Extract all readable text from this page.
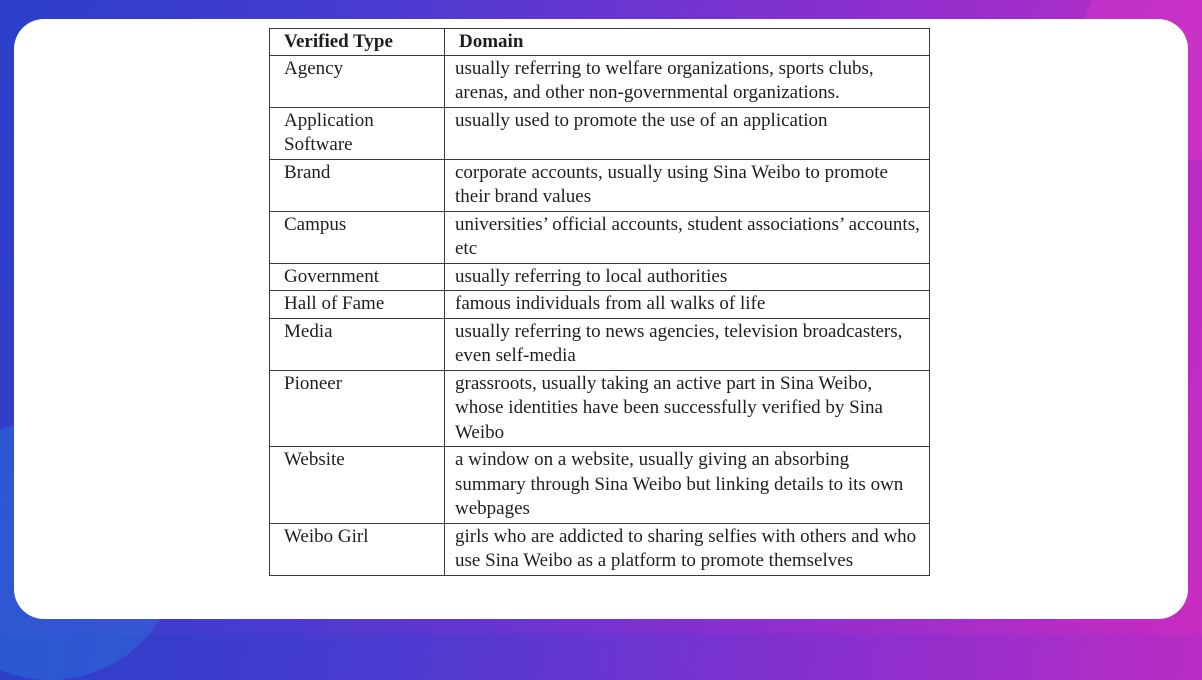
Verified Type	Domain
Agency	usually referring to welfare organizations, sports clubs, arenas, and other non-governmental organizations.
Application Software	usually used to promote the use of an application
Brand	corporate accounts, usually using Sina Weibo to promote their brand values
Campus	universities’ official accounts, student associations’ accounts, etc
Government	usually referring to local authorities
Hall of Fame	famous individuals from all walks of life
Media	usually referring to news agencies, television broadcasters, even self-media
Pioneer	grassroots, usually taking an active part in Sina Weibo, whose identities have been successfully verified by Sina Weibo
Website	a window on a website, usually giving an absorbing summary through Sina Weibo but linking details to its own webpages
Weibo Girl	girls who are addicted to sharing selfies with others and who use Sina Weibo as a platform to promote themselves
